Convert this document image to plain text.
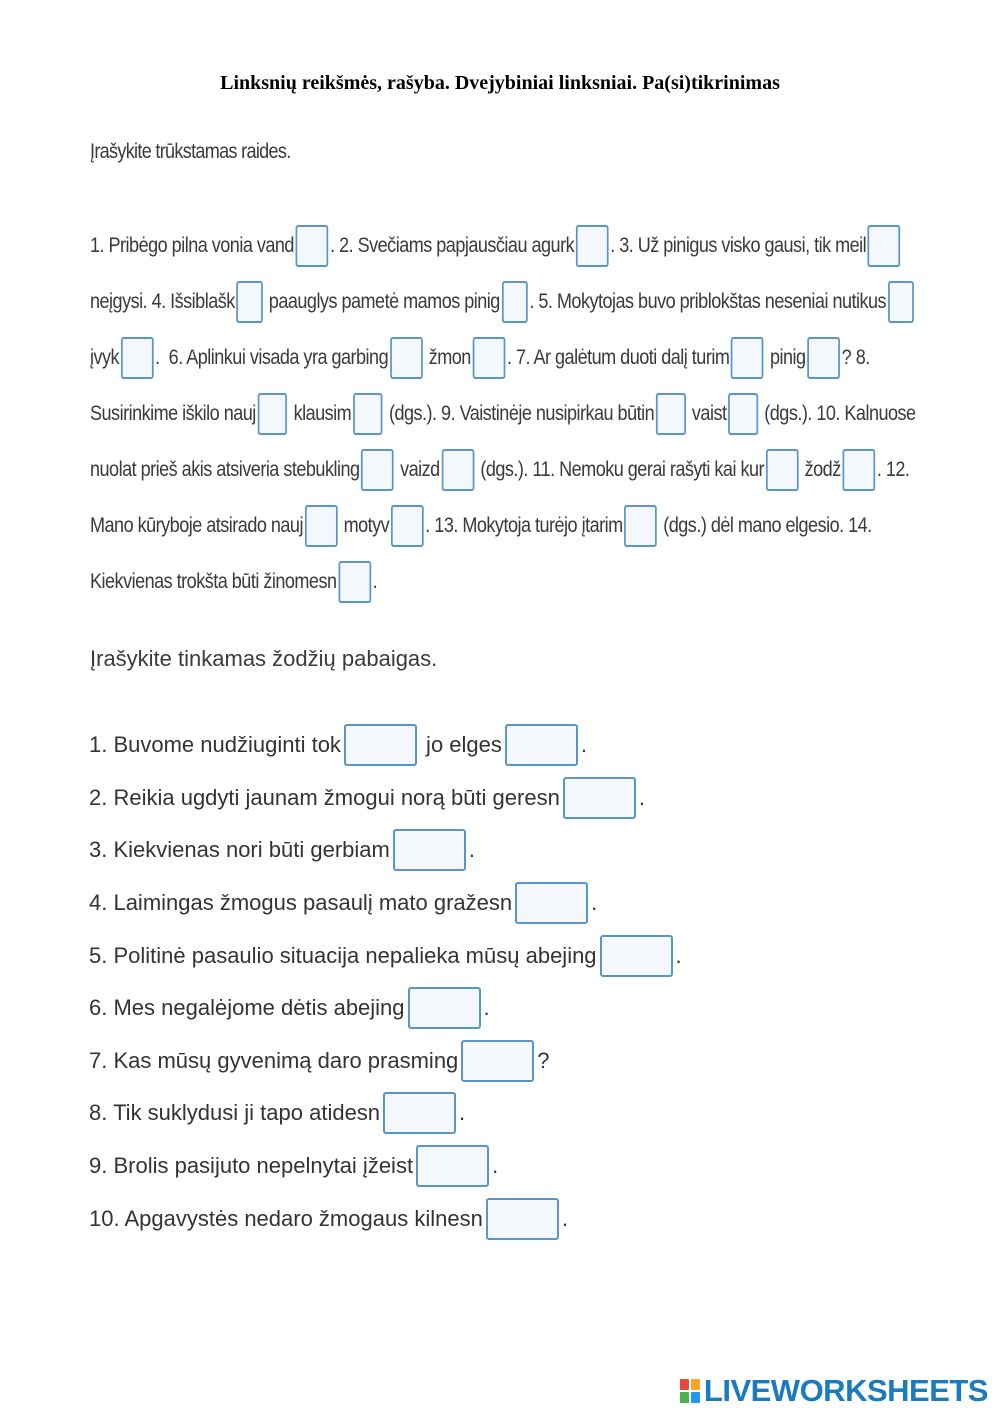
Linksnių reikšmės, rašyba. Dvejybiniai linksniai. Pa(si)tikrinimas
Įrašykite trūkstamas raides.
1. Pribėgo pilna vonia vand . 2. Svečiams papjausčiau agurk . 3. Už pinigus visko gausi, tik meil
neįgysi. 4. Išsiblašk paauglys pametė mamos pinig . 5. Mokytojas buvo priblokštas neseniai nutikus
įvyk .  6. Aplinkui visada yra garbing žmon . 7. Ar galėtum duoti dalį turim pinig ? 8.
Susirinkime iškilo nauj klausim (dgs.). 9. Vaistinėje nusipirkau būtin vaist (dgs.). 10. Kalnuose
nuolat prieš akis atsiveria stebukling vaizd (dgs.). 11. Nemoku gerai rašyti kai kur žodž . 12.
Mano kūryboje atsirado nauj motyv . 13. Mokytoja turėjo įtarim (dgs.) dėl mano elgesio. 14.
Kiekvienas trokšta būti žinomesn .
Įrašykite tinkamas žodžių pabaigas.
1. Buvome nudžiuginti tok	jo elges	.
2. Reikia ugdyti jaunam žmogui norą būti geresn	.
3. Kiekvienas nori būti gerbiam	.
4. Laimingas žmogus pasaulį mato gražesn	.
5. Politinė pasaulio situacija nepalieka mūsų abejing	.
6. Mes negalėjome dėtis abejing	.
7. Kas mūsų gyvenimą daro prasming	?
8. Tik suklydusi ji tapo atidesn	.
9. Brolis pasijuto nepelnytai įžeist	.
10. Apgavystės nedaro žmogaus kilnesn	.
LIVEWORKSHEETS
